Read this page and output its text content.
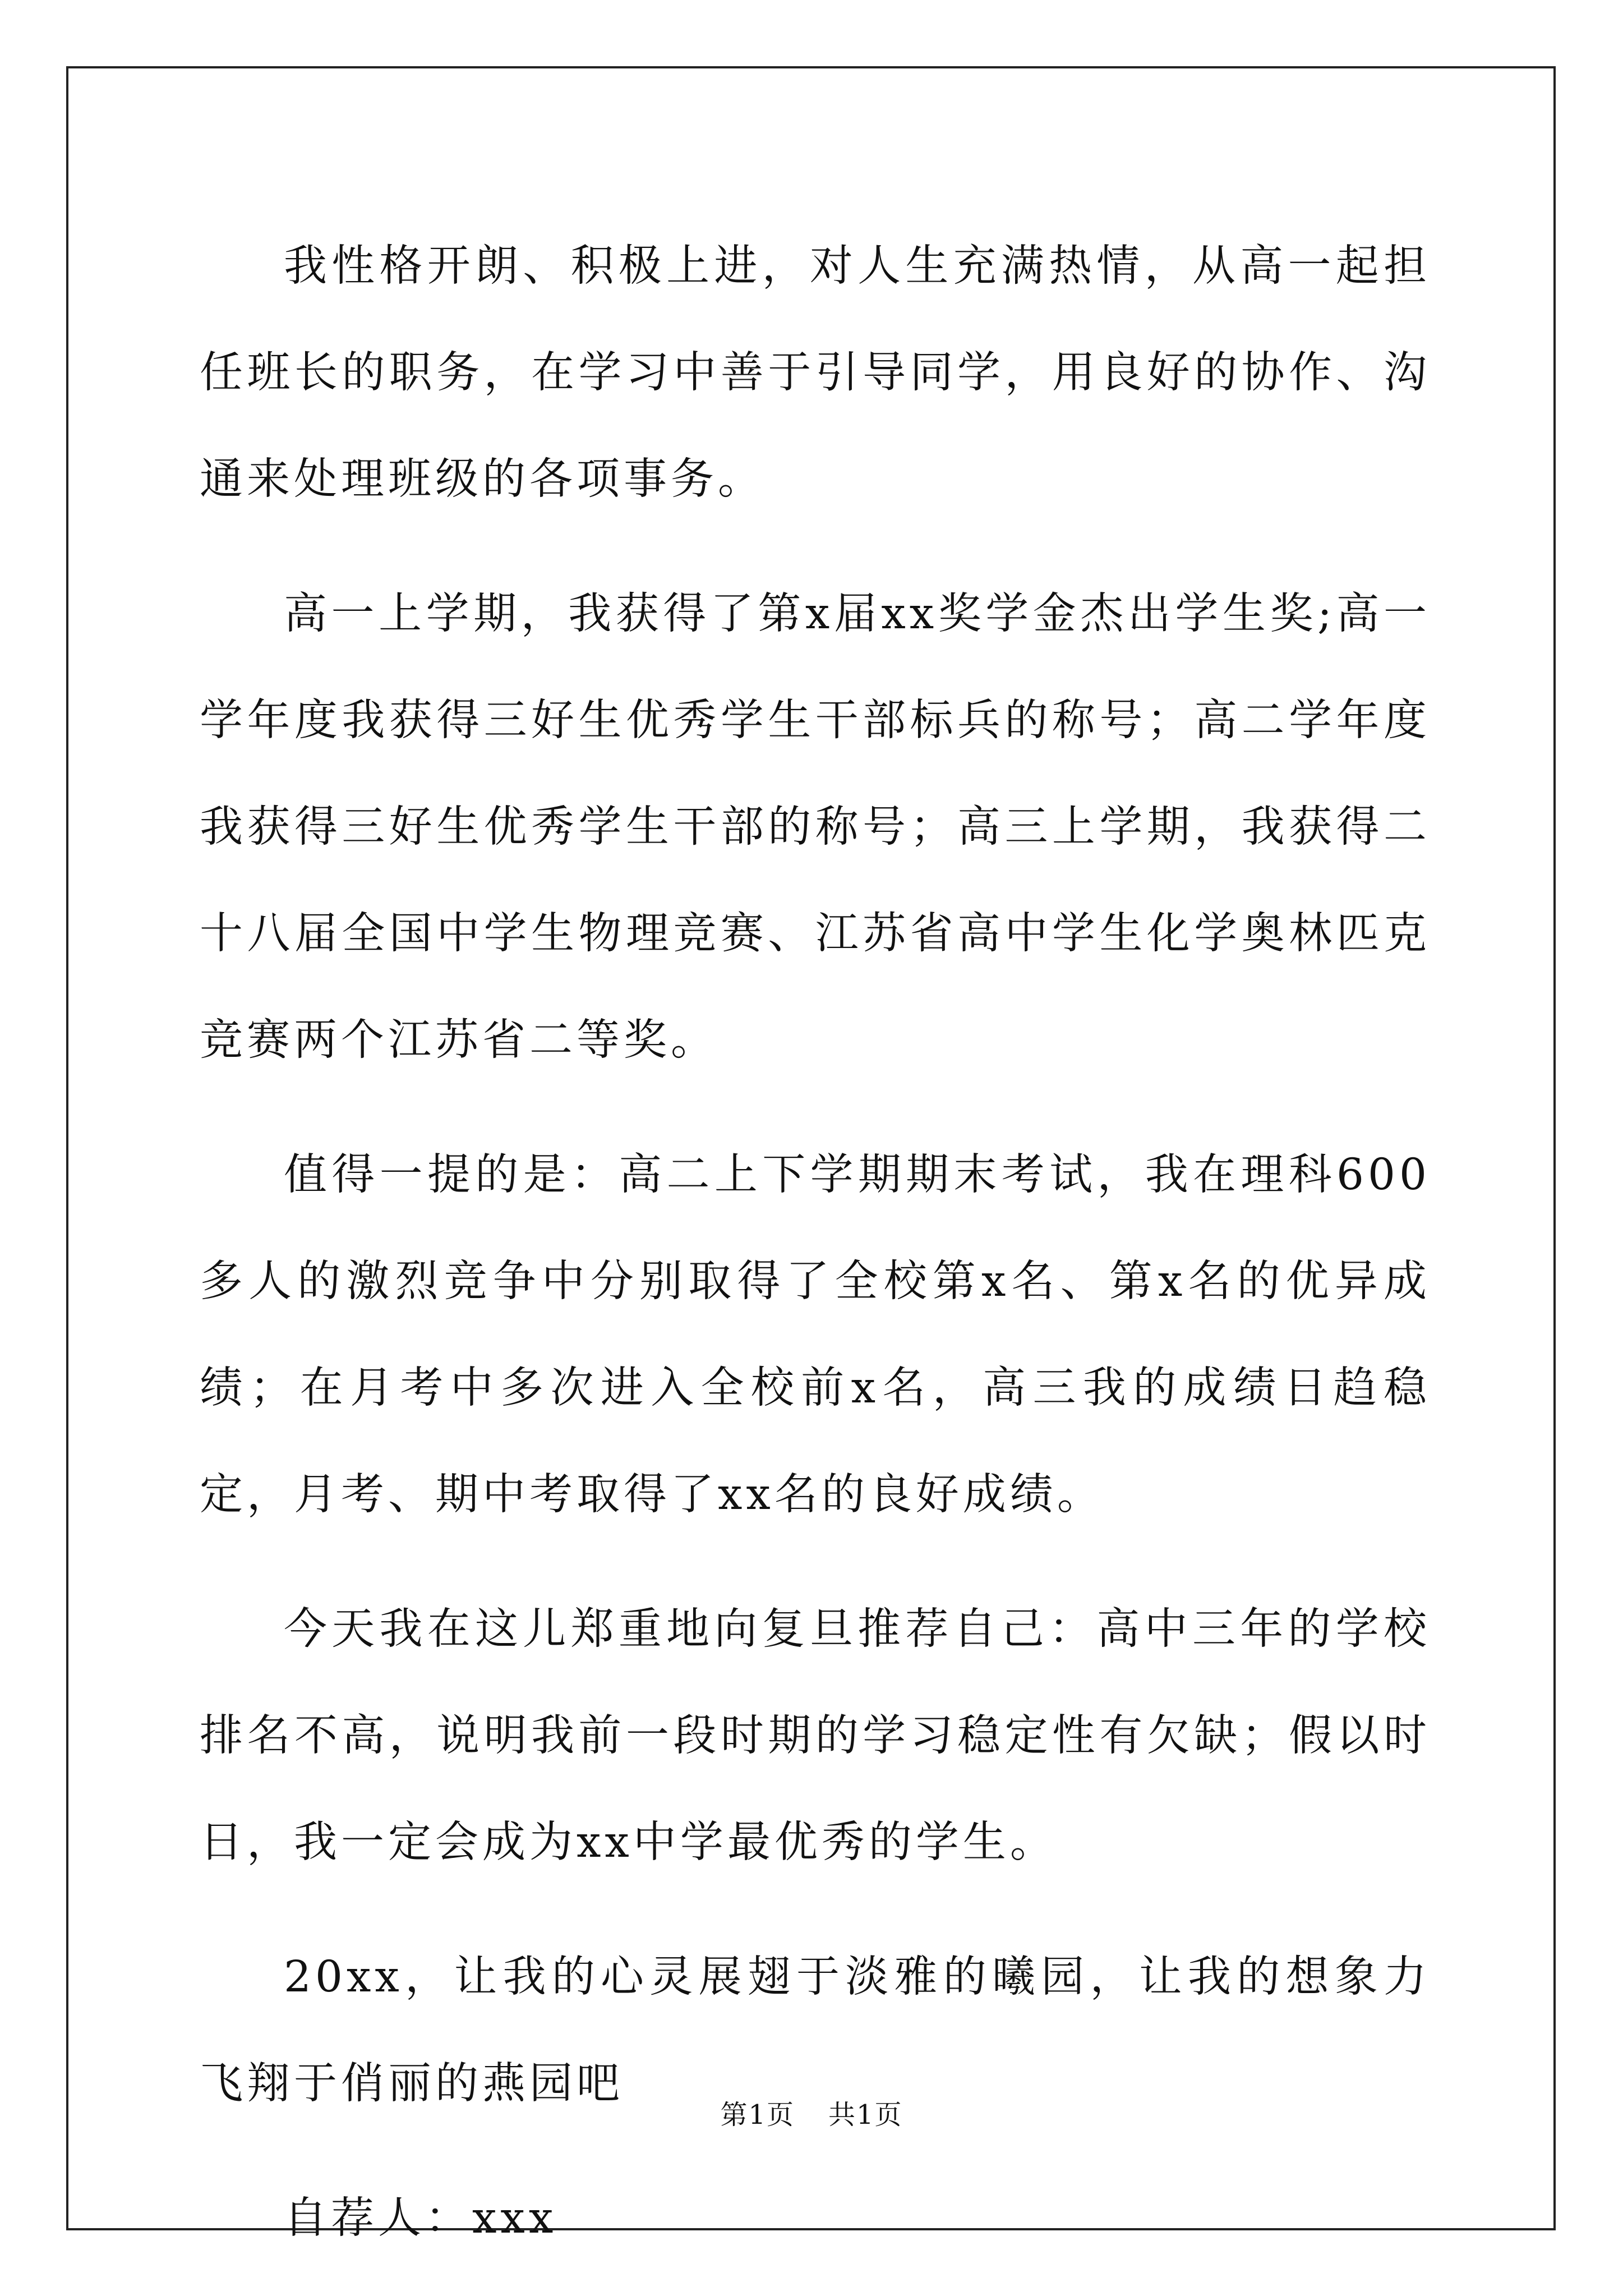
我性格开朗、积极上进，对人生充满热情，从高一起担任班长的职务，在学习中善于引导同学，用良好的协作、沟通来处理班级的各项事务。

高一上学期，我获得了第x届xx奖学金杰出学生奖;高一学年度我获得三好生优秀学生干部标兵的称号；高二学年度我获得三好生优秀学生干部的称号；高三上学期，我获得二十八届全国中学生物理竞赛、江苏省高中学生化学奥林匹克竞赛两个江苏省二等奖。

值得一提的是：高二上下学期期末考试，我在理科600多人的激烈竞争中分别取得了全校第x名、第x名的优异成绩；在月考中多次进入全校前x名，高三我的成绩日趋稳定，月考、期中考取得了xx名的良好成绩。

今天我在这儿郑重地向复旦推荐自己：高中三年的学校排名不高，说明我前一段时期的学习稳定性有欠缺；假以时日，我一定会成为xx中学最优秀的学生。

20xx，让我的心灵展翅于淡雅的曦园，让我的想象力飞翔于俏丽的燕园吧

自荐人：xxx

第1页 共1页
